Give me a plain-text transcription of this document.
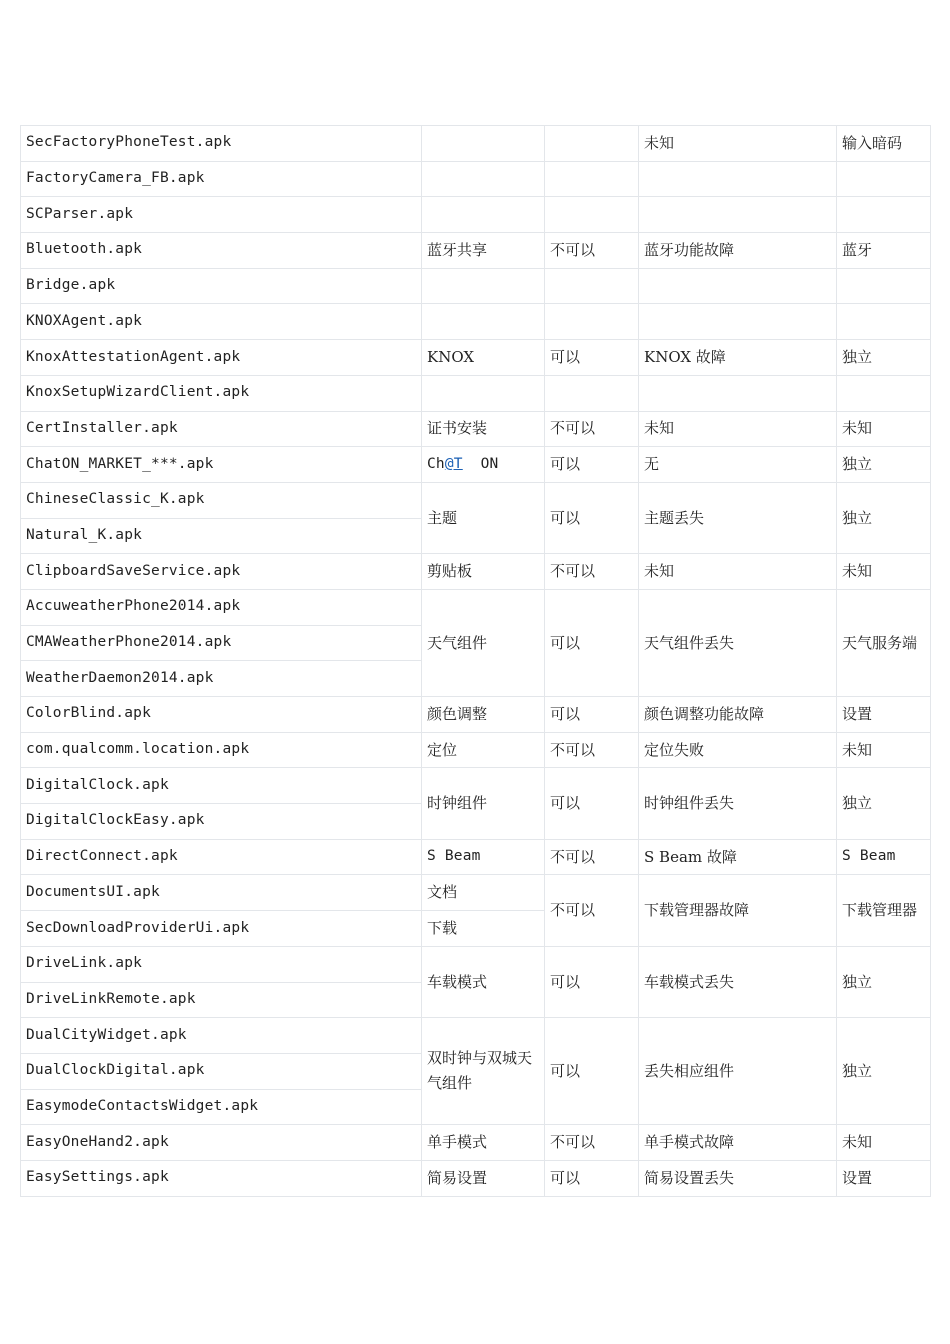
SecFactoryPhoneTest.apk			未知	输入暗码
FactoryCamera_FB.apk				
SCParser.apk				
Bluetooth.apk	蓝牙共享	不可以	蓝牙功能故障	蓝牙
Bridge.apk				
KNOXAgent.apk				
KnoxAttestationAgent.apk	KNOX	可以	KNOX 故障	独立
KnoxSetupWizardClient.apk				
CertInstaller.apk	证书安装	不可以	未知	未知
ChatON_MARKET_***.apk	Ch@T ON	可以	无	独立
ChineseClassic_K.apk	主题	可以	主题丢失	独立
Natural_K.apk				
ClipboardSaveService.apk	剪贴板	不可以	未知	未知
AccuweatherPhone2014.apk	天气组件	可以	天气组件丢失	天气服务端
CMAWeatherPhone2014.apk				
WeatherDaemon2014.apk				
ColorBlind.apk	颜色调整	可以	颜色调整功能故障	设置
com.qualcomm.location.apk	定位	不可以	定位失败	未知
DigitalClock.apk	时钟组件	可以	时钟组件丢失	独立
DigitalClockEasy.apk				
DirectConnect.apk	S Beam	不可以	S Beam 故障	S Beam
DocumentsUI.apk	文档	不可以	下载管理器故障	下载管理器
SecDownloadProviderUi.apk	下载			
DriveLink.apk	车载模式	可以	车载模式丢失	独立
DriveLinkRemote.apk				
DualCityWidget.apk	双时钟与双城天气组件	可以	丢失相应组件	独立
DualClockDigital.apk				
EasymodeContactsWidget.apk				
EasyOneHand2.apk	单手模式	不可以	单手模式故障	未知
EasySettings.apk	简易设置	可以	简易设置丢失	设置
